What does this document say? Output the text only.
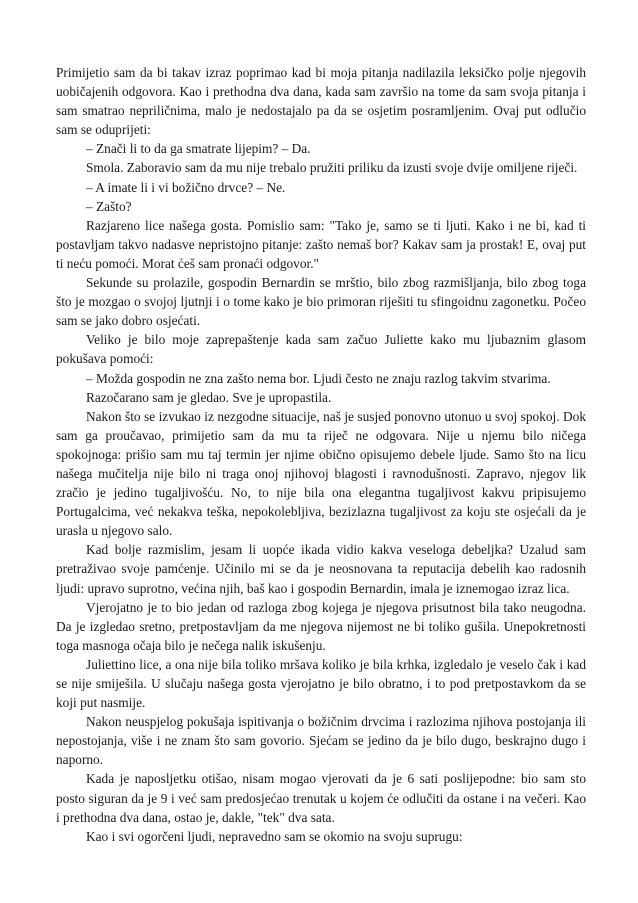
Primijetio sam da bi takav izraz poprimao kad bi moja pitanja nadilazila leksičko polje njegovih uobičajenih odgovora. Kao i prethodna dva dana, kada sam završio na tome da sam svoja pitanja i sam smatrao nepriličnima, malo je nedostajalo pa da se osjetim posramljenim. Ovaj put odlučio sam se oduprijeti:

– Znači li to da ga smatrate lijepim? – Da.

Smola. Zaboravio sam da mu nije trebalo pružiti priliku da izusti svoje dvije omiljene riječi.

– A imate li i vi božično drvce? – Ne.

– Zašto?

Razjareno lice našega gosta. Pomislio sam: "Tako je, samo se ti ljuti. Kako i ne bi, kad ti postavljam takvo nadasve nepristojno pitanje: zašto nemaš bor? Kakav sam ja prostak! E, ovaj put ti neću pomoći. Morat ćeš sam pronaći odgovor."

Sekunde su prolazile, gospodin Bernardin se mrštio, bilo zbog razmišljanja, bilo zbog toga što je mozgao o svojoj ljutnji i o tome kako je bio primoran riješiti tu sfingoidnu zagonetku. Počeo sam se jako dobro osjećati.

Veliko je bilo moje zaprepaštenje kada sam začuo Juliette kako mu ljubaznim glasom pokušava pomoći:

– Možda gospodin ne zna zašto nema bor. Ljudi često ne znaju razlog takvim stvarima.

Razočarano sam je gledao. Sve je upropastila.

Nakon što se izvukao iz nezgodne situacije, naš je susjed ponovno utonuo u svoj spokoj. Dok sam ga proučavao, primijetio sam da mu ta riječ ne odgovara. Nije u njemu bilo ničega spokojnoga: prišio sam mu taj termin jer njime obično opisujemo debele ljude. Samo što na licu našega mučitelja nije bilo ni traga onoj njihovoj blagosti i ravnodušnosti. Zapravo, njegov lik zračio je jedino tugaljivošću. No, to nije bila ona elegantna tugaljivost kakvu pripisujemo Portugalcima, već nekakva teška, nepokolebljiva, bezizlazna tugaljivost za koju ste osjećali da je urasla u njegovo salo.

Kad bolje razmislim, jesam li uopće ikada vidio kakva veseloga debeljka? Uzalud sam pretraživao svoje pamćenje. Učinilo mi se da je neosnovana ta reputacija debelih kao radosnih ljudi: upravo suprotno, većina njih, baš kao i gospodin Bernardin, imala je iznemogao izraz lica.

Vjerojatno je to bio jedan od razloga zbog kojega je njegova prisutnost bila tako neugodna. Da je izgledao sretno, pretpostavljam da me njegova nijemost ne bi toliko gušila. Unepokretnosti toga masnoga očaja bilo je nečega nalik iskušenju.

Juliettino lice, a ona nije bila toliko mršava koliko je bila krhka, izgledalo je veselo čak i kad se nije smiješila. U slučaju našega gosta vjerojatno je bilo obratno, i to pod pretpostavkom da se koji put nasmije.

Nakon neuspjelog pokušaja ispitivanja o božičnim drvcima i razlozima njihova postojanja ili nepostojanja, više i ne znam što sam govorio. Sjećam se jedino da je bilo dugo, beskrajno dugo i naporno.

Kada je naposljetku otišao, nisam mogao vjerovati da je 6 sati poslijepodne: bio sam sto posto siguran da je 9 i već sam predosjećao trenutak u kojem će odlučiti da ostane i na večeri. Kao i prethodna dva dana, ostao je, dakle, "tek" dva sata.

Kao i svi ogorčeni ljudi, nepravedno sam se okomio na svoju suprugu:
